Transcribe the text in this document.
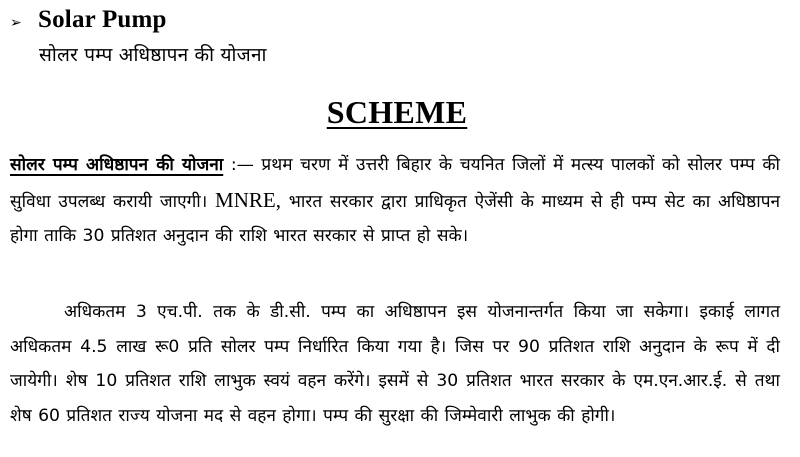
➢ Solar Pump
सोलर पम्प अधिष्ठापन की योजना
SCHEME

सोलर पम्प अधिष्ठापन की योजना :— प्रथम चरण में उत्तरी बिहार के चयनित जिलों में मत्स्य पालकों को सोलर पम्प की सुविधा उपलब्ध करायी जाएगी। MNRE, भारत सरकार द्वारा प्राधिकृत ऐजेंसी के माध्यम से ही पम्प सेट का अधिष्ठापन होगा ताकि 30 प्रतिशत अनुदान की राशि भारत सरकार से प्राप्त हो सके।

अधिकतम 3 एच.पी. तक के डी.सी. पम्प का अधिष्ठापन इस योजनान्तर्गत किया जा सकेगा। इकाई लागत अधिकतम 4.5 लाख रू0 प्रति सोलर पम्प निर्धारित किया गया है। जिस पर 90 प्रतिशत राशि अनुदान के रूप में दी जायेगी। शेष 10 प्रतिशत राशि लाभुक स्वयं वहन करेंगे। इसमें से 30 प्रतिशत भारत सरकार के एम.एन.आर.ई. से तथा शेष 60 प्रतिशत राज्य योजना मद से वहन होगा। पम्प की सुरक्षा की जिम्मेवारी लाभुक की होगी।
